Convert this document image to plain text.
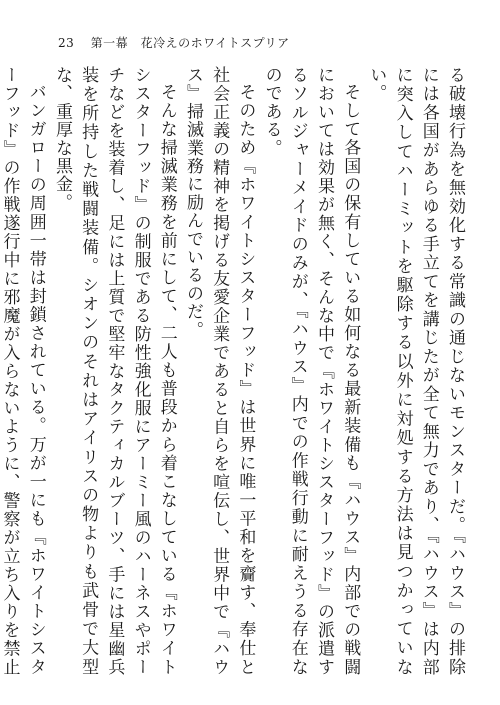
23 第一幕　花冷えのホワイトスプリア

る破壊行為を無効化する常識の通じないモンスターだ。『ハウス』の排除には各国があらゆる手立てを講じたが全て無力であり、『ハウス』は内部に突入してハーミットを駆除する以外に対処する方法は見つかっていない。

そして各国の保有している如何なる最新装備も『ハウス』内部での戦闘においては効果が無く、そんな中で『ホワイトシスターフッド』の派遣するソルジャーメイドのみが、『ハウス』内での作戦行動に耐えうる存在なのである。

そのため『ホワイトシスターフッド』は世界に唯一平和を齎す、奉仕と社会正義の精神を掲げる友愛企業であると自らを喧伝し、世界中で『ハウス』掃滅業務に励んでいるのだ。

そんな掃滅業務を前にして、二人も普段から着こなしている『ホワイトシスターフッド』の制服である防性強化服にアーミー風のハーネスやポーチなどを装着し、足には上質で堅牢なタクティカルブーツ、手には星幽兵装を所持した戦闘装備。シオンのそれはアイリスの物よりも武骨で大型な、重厚な黒金。

バンガローの周囲一帯は封鎖されている。万が一にも『ホワイトシスターフッド』の作戦遂行中に邪魔が入らないように、警察が立ち入りを禁止
